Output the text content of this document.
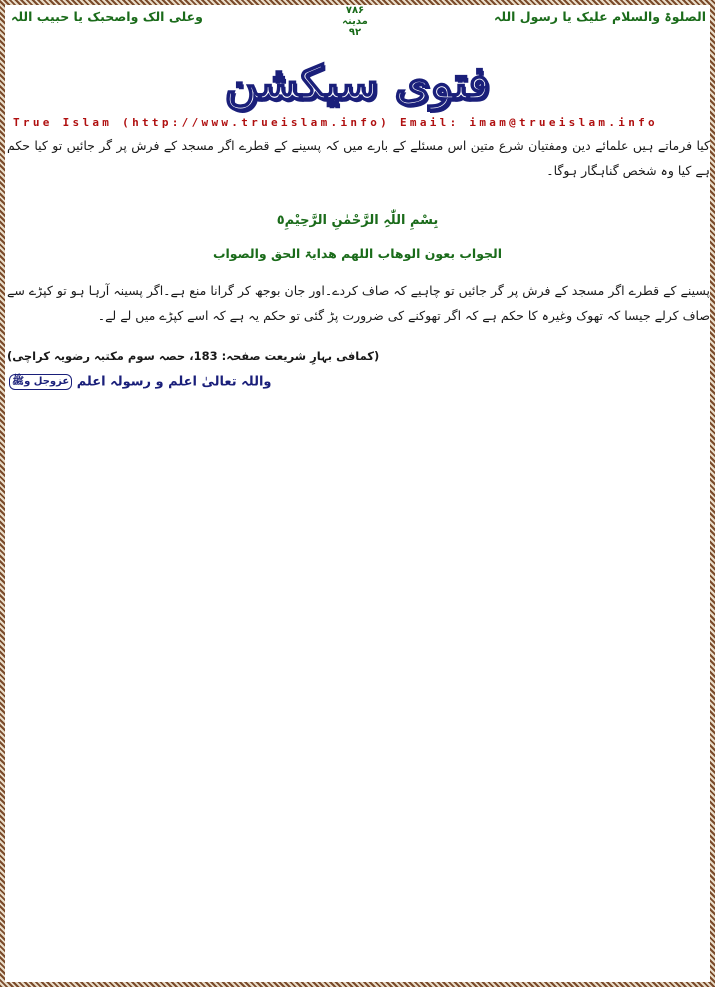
الصلوۃ والسلام علیک یا رسول اللہ
۷۸۶
مدینہ
۹۲
وعلی الک واصحبک یا حبیب اللہ
فتوی سیکشن
True Islam (http://www.trueislam.info) Email: imam@trueislam.info
کیا فرماتے ہیں علمائے دین ومفتیان شرع متین اس مسئلے کے بارے میں کہ پسینے کے قطرے اگر مسجد کے فرش پر گر جائیں تو کیا حکم ہے کیا وہ شخص گناہگار ہوگا۔
بِسْمِ اللّٰہِ الرَّحْمٰنِ الرَّحِیْمِ٥
الجواب بعون الوھاب اللھم ھدایۃ الحق والصواب
پسینے کے قطرے اگر مسجد کے فرش پر گر جائیں تو چاہیے کہ صاف کردے۔اور جان بوجھ کر گرانا منع ہے۔اگر پسینہ آرہا ہو تو کپڑے سے صاف کرلے جیسا کہ تھوک وغیرہ کا حکم ہے کہ اگر تھوکنے کی ضرورت پڑ گئی تو حکم یہ ہے کہ اسے کپڑے میں لے لے۔
(کمافی بہارِ شریعت صفحہ: 183، حصہ سوم مکتبہ رضویہ کراچی)
واللہ تعالیٰ اعلم و رسولہ اعلم عزوجل وﷺ
